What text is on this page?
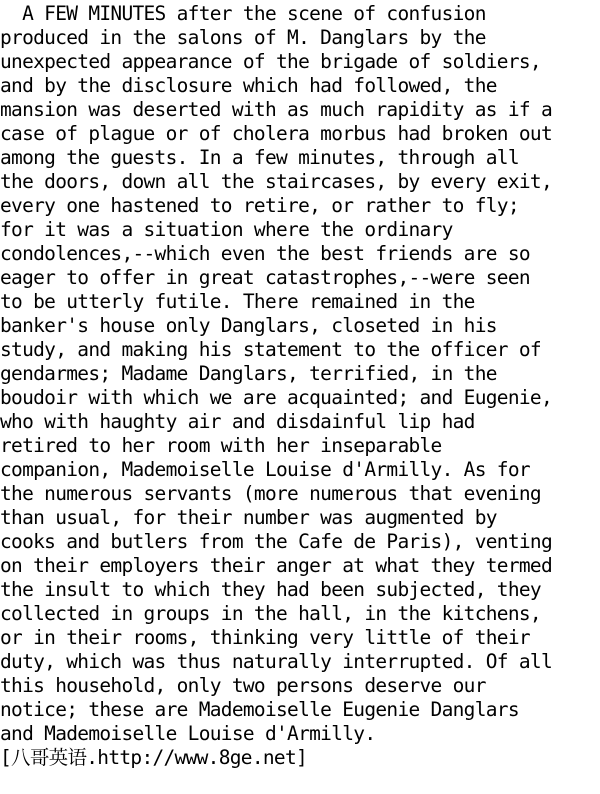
A FEW MINUTES after the scene of confusion
produced in the salons of M. Danglars by the
unexpected appearance of the brigade of soldiers,
and by the disclosure which had followed, the
mansion was deserted with as much rapidity as if a
case of plague or of cholera morbus had broken out
among the guests. In a few minutes, through all
the doors, down all the staircases, by every exit,
every one hastened to retire, or rather to fly;
for it was a situation where the ordinary
condolences,--which even the best friends are so
eager to offer in great catastrophes,--were seen
to be utterly futile. There remained in the
banker's house only Danglars, closeted in his
study, and making his statement to the officer of
gendarmes; Madame Danglars, terrified, in the
boudoir with which we are acquainted; and Eugenie,
who with haughty air and disdainful lip had
retired to her room with her inseparable
companion, Mademoiselle Louise d'Armilly. As for
the numerous servants (more numerous that evening
than usual, for their number was augmented by
cooks and butlers from the Cafe de Paris), venting
on their employers their anger at what they termed
the insult to which they had been subjected, they
collected in groups in the hall, in the kitchens,
or in their rooms, thinking very little of their
duty, which was thus naturally interrupted. Of all
this household, only two persons deserve our
notice; these are Mademoiselle Eugenie Danglars
and Mademoiselle Louise d'Armilly.
[八哥英语.http://www.8ge.net]
